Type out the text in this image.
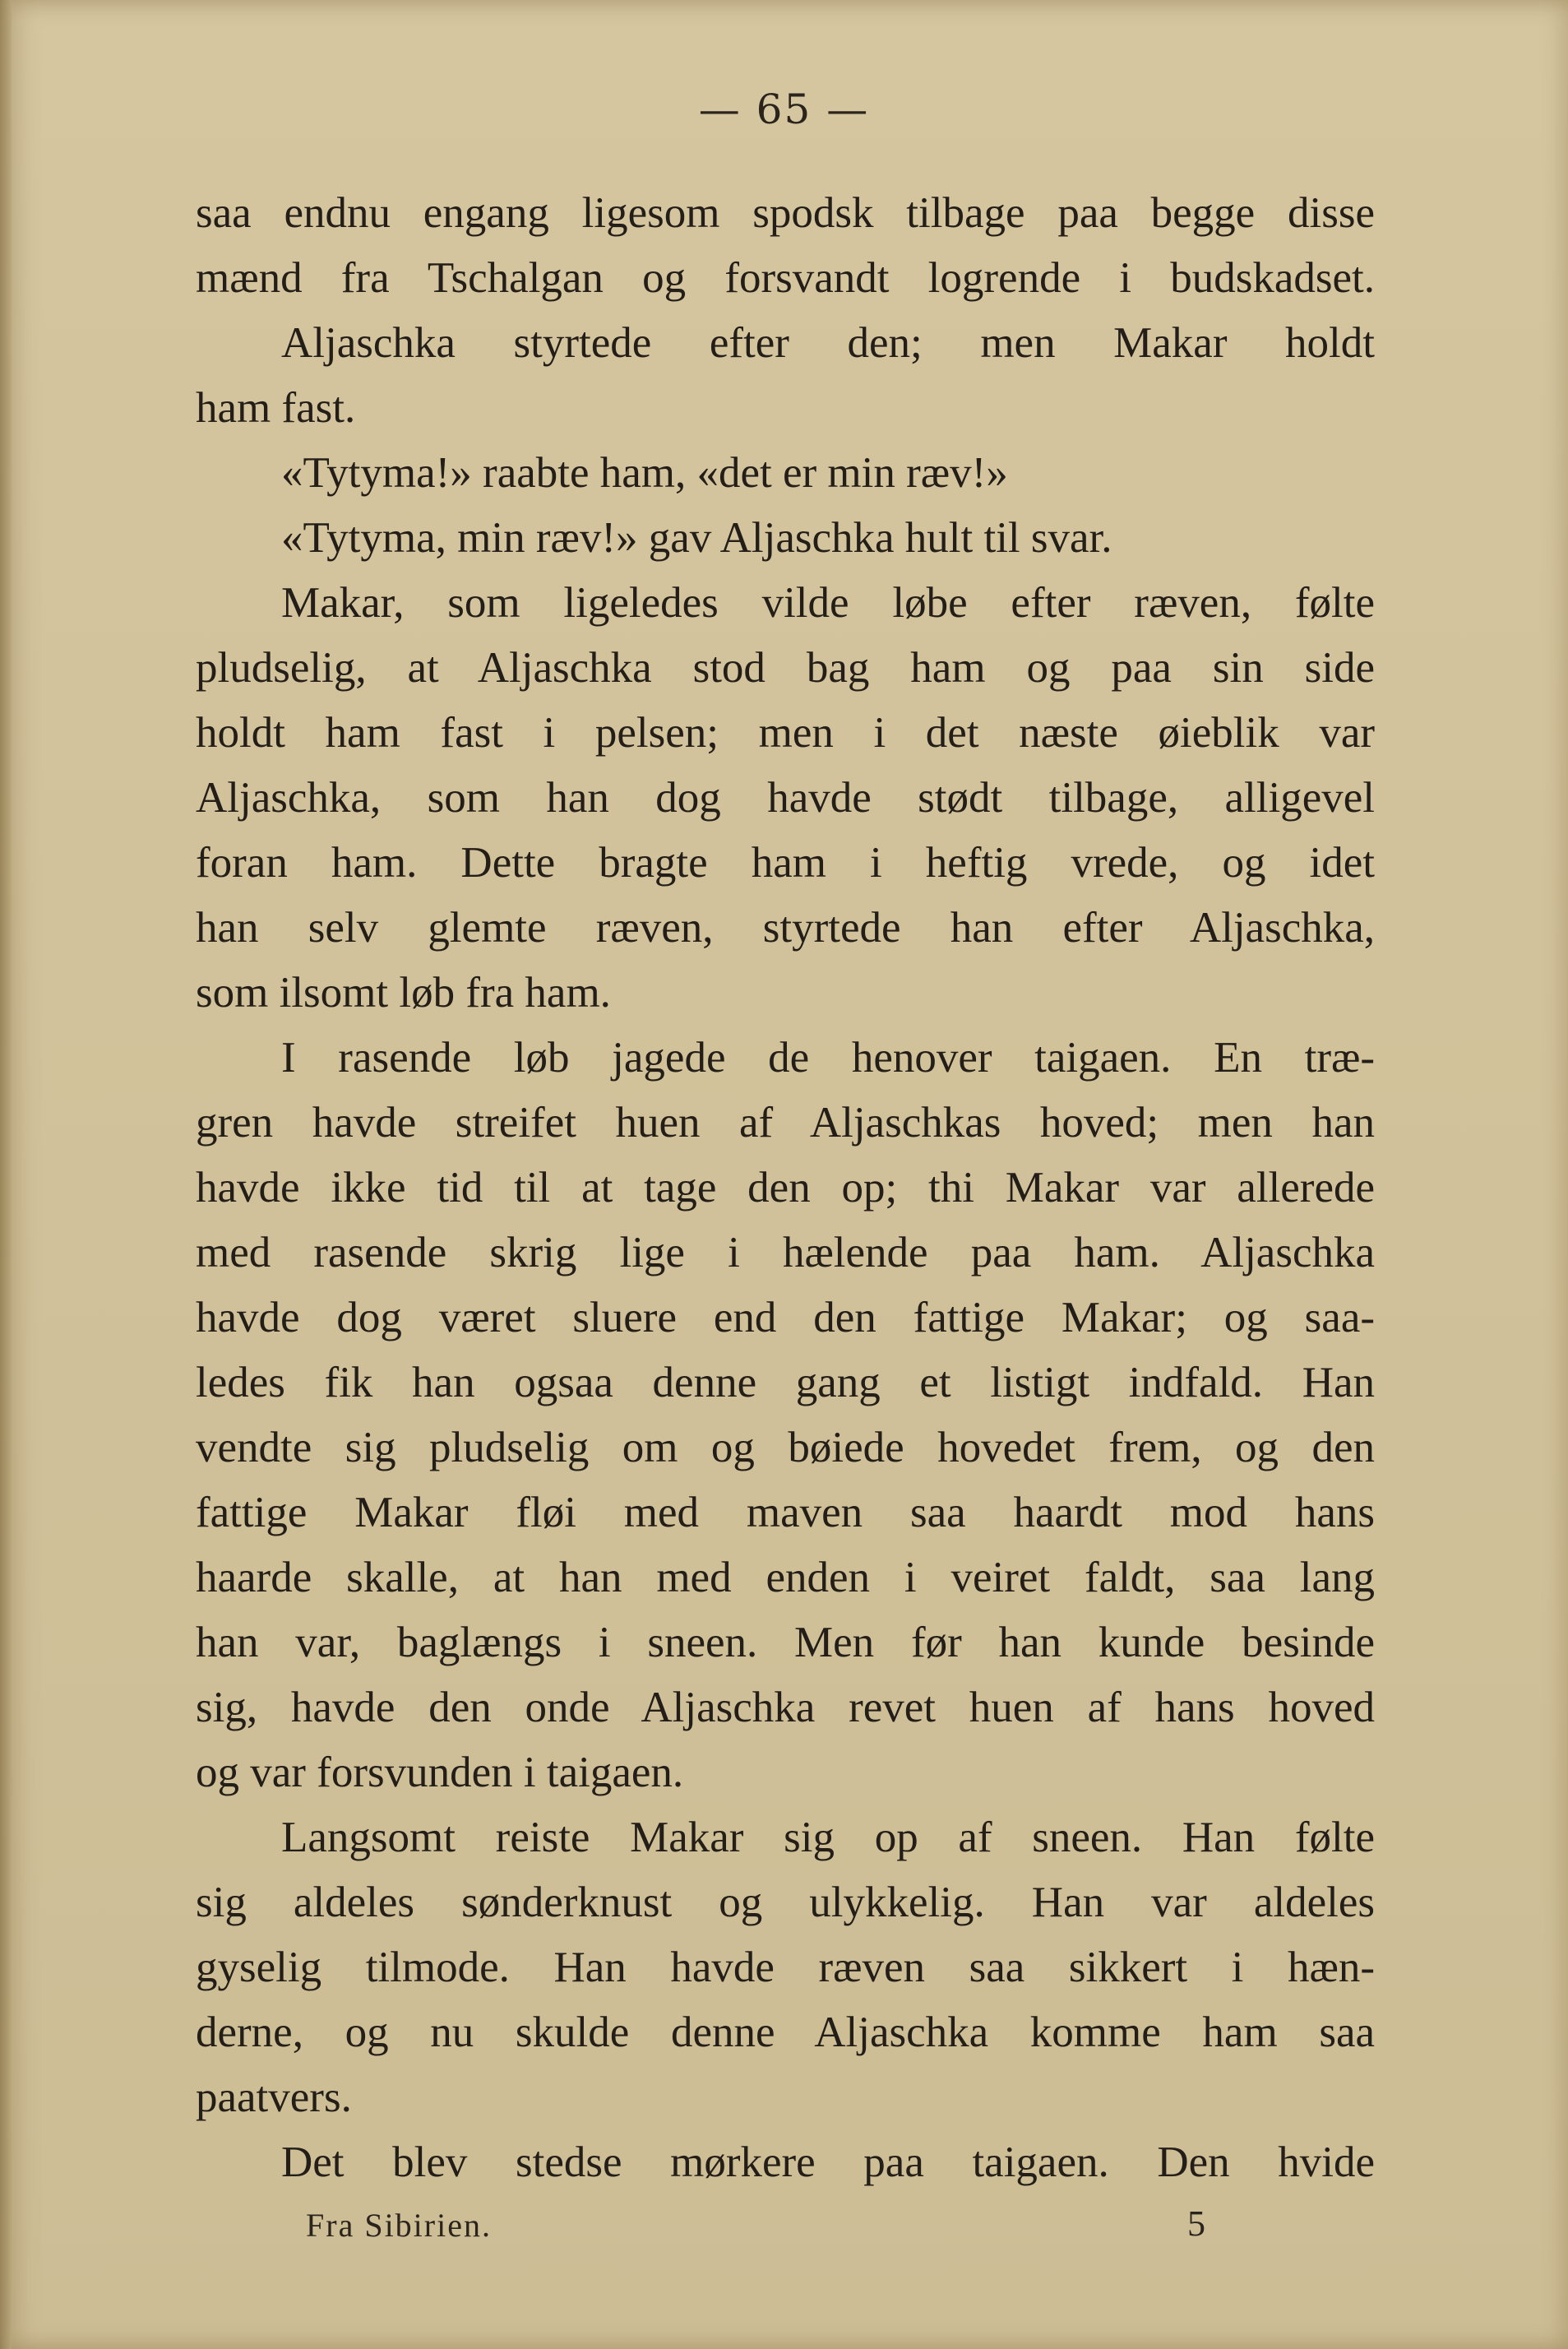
— 65 —
saa endnu engang ligesom spodsk tilbage paa begge disse
mænd fra Tschalgan og forsvandt logrende i budskadset.
Aljaschka styrtede efter den; men Makar holdt
ham fast.
«Tytyma!» raabte ham, «det er min ræv!»
«Tytyma, min ræv!» gav Aljaschka hult til svar.
Makar, som ligeledes vilde løbe efter ræven, følte
pludselig, at Aljaschka stod bag ham og paa sin side
holdt ham fast i pelsen; men i det næste øieblik var
Aljaschka, som han dog havde stødt tilbage, alligevel
foran ham. Dette bragte ham i heftig vrede, og idet
han selv glemte ræven, styrtede han efter Aljaschka,
som ilsomt løb fra ham.
I rasende løb jagede de henover taigaen. En træ-
gren havde streifet huen af Aljaschkas hoved; men han
havde ikke tid til at tage den op; thi Makar var allerede
med rasende skrig lige i hælende paa ham. Aljaschka
havde dog været sluere end den fattige Makar; og saa-
ledes fik han ogsaa denne gang et listigt indfald. Han
vendte sig pludselig om og bøiede hovedet frem, og den
fattige Makar fløi med maven saa haardt mod hans
haarde skalle, at han med enden i veiret faldt, saa lang
han var, baglængs i sneen. Men før han kunde besinde
sig, havde den onde Aljaschka revet huen af hans hoved
og var forsvunden i taigaen.
Langsomt reiste Makar sig op af sneen. Han følte
sig aldeles sønderknust og ulykkelig. Han var aldeles
gyselig tilmode. Han havde ræven saa sikkert i hæn-
derne, og nu skulde denne Aljaschka komme ham saa
paatvers.
Det blev stedse mørkere paa taigaen. Den hvide
Fra Sibirien.	5
